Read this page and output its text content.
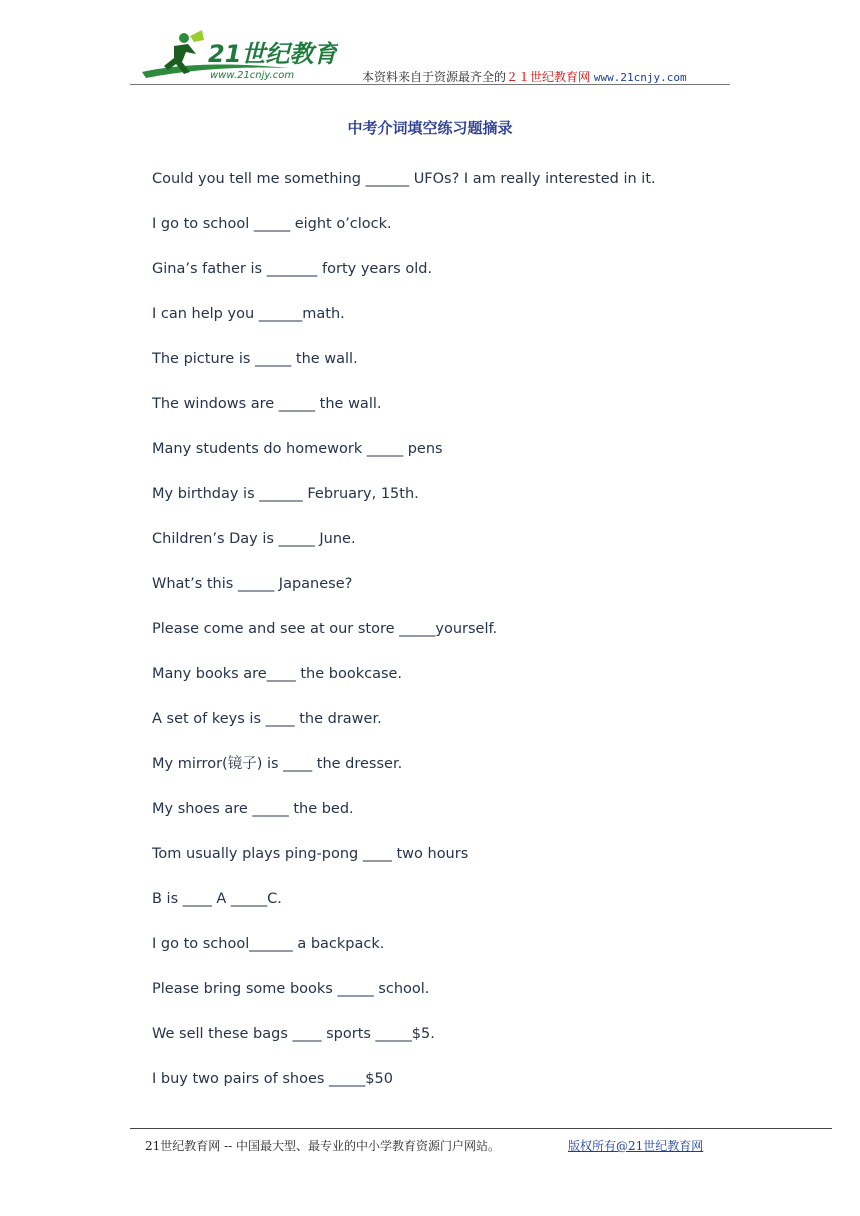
21世纪教育
www.21cnjy.com	本资料来自于资源最齐全的２１世纪教育网 www.21cnjy.com
中考介词填空练习题摘录
Could you tell me something ______ UFOs? I am really interested in it.
I go to school _____ eight o’clock.
Gina’s father is _______ forty years old.
I can help you ______math.
The picture is _____ the wall.
The windows are _____ the wall.
Many students do homework _____ pens
My birthday is ______ February, 15th.
Children’s Day is _____ June.
What’s this _____ Japanese?
Please come and see at our store _____yourself.
Many books are____ the bookcase.
A set of keys is ____ the drawer.
My mirror(镜子) is ____ the dresser.
My shoes are _____ the bed.
Tom usually plays ping-pong ____ two hours
B is ____ A _____C.
I go to school______ a backpack.
Please bring some books _____ school.
We sell these bags ____ sports _____$5.
I buy two pairs of shoes _____$50
21世纪教育网 -- 中国最大型、最专业的中小学教育资源门户网站。	版权所有@21世纪教育网
